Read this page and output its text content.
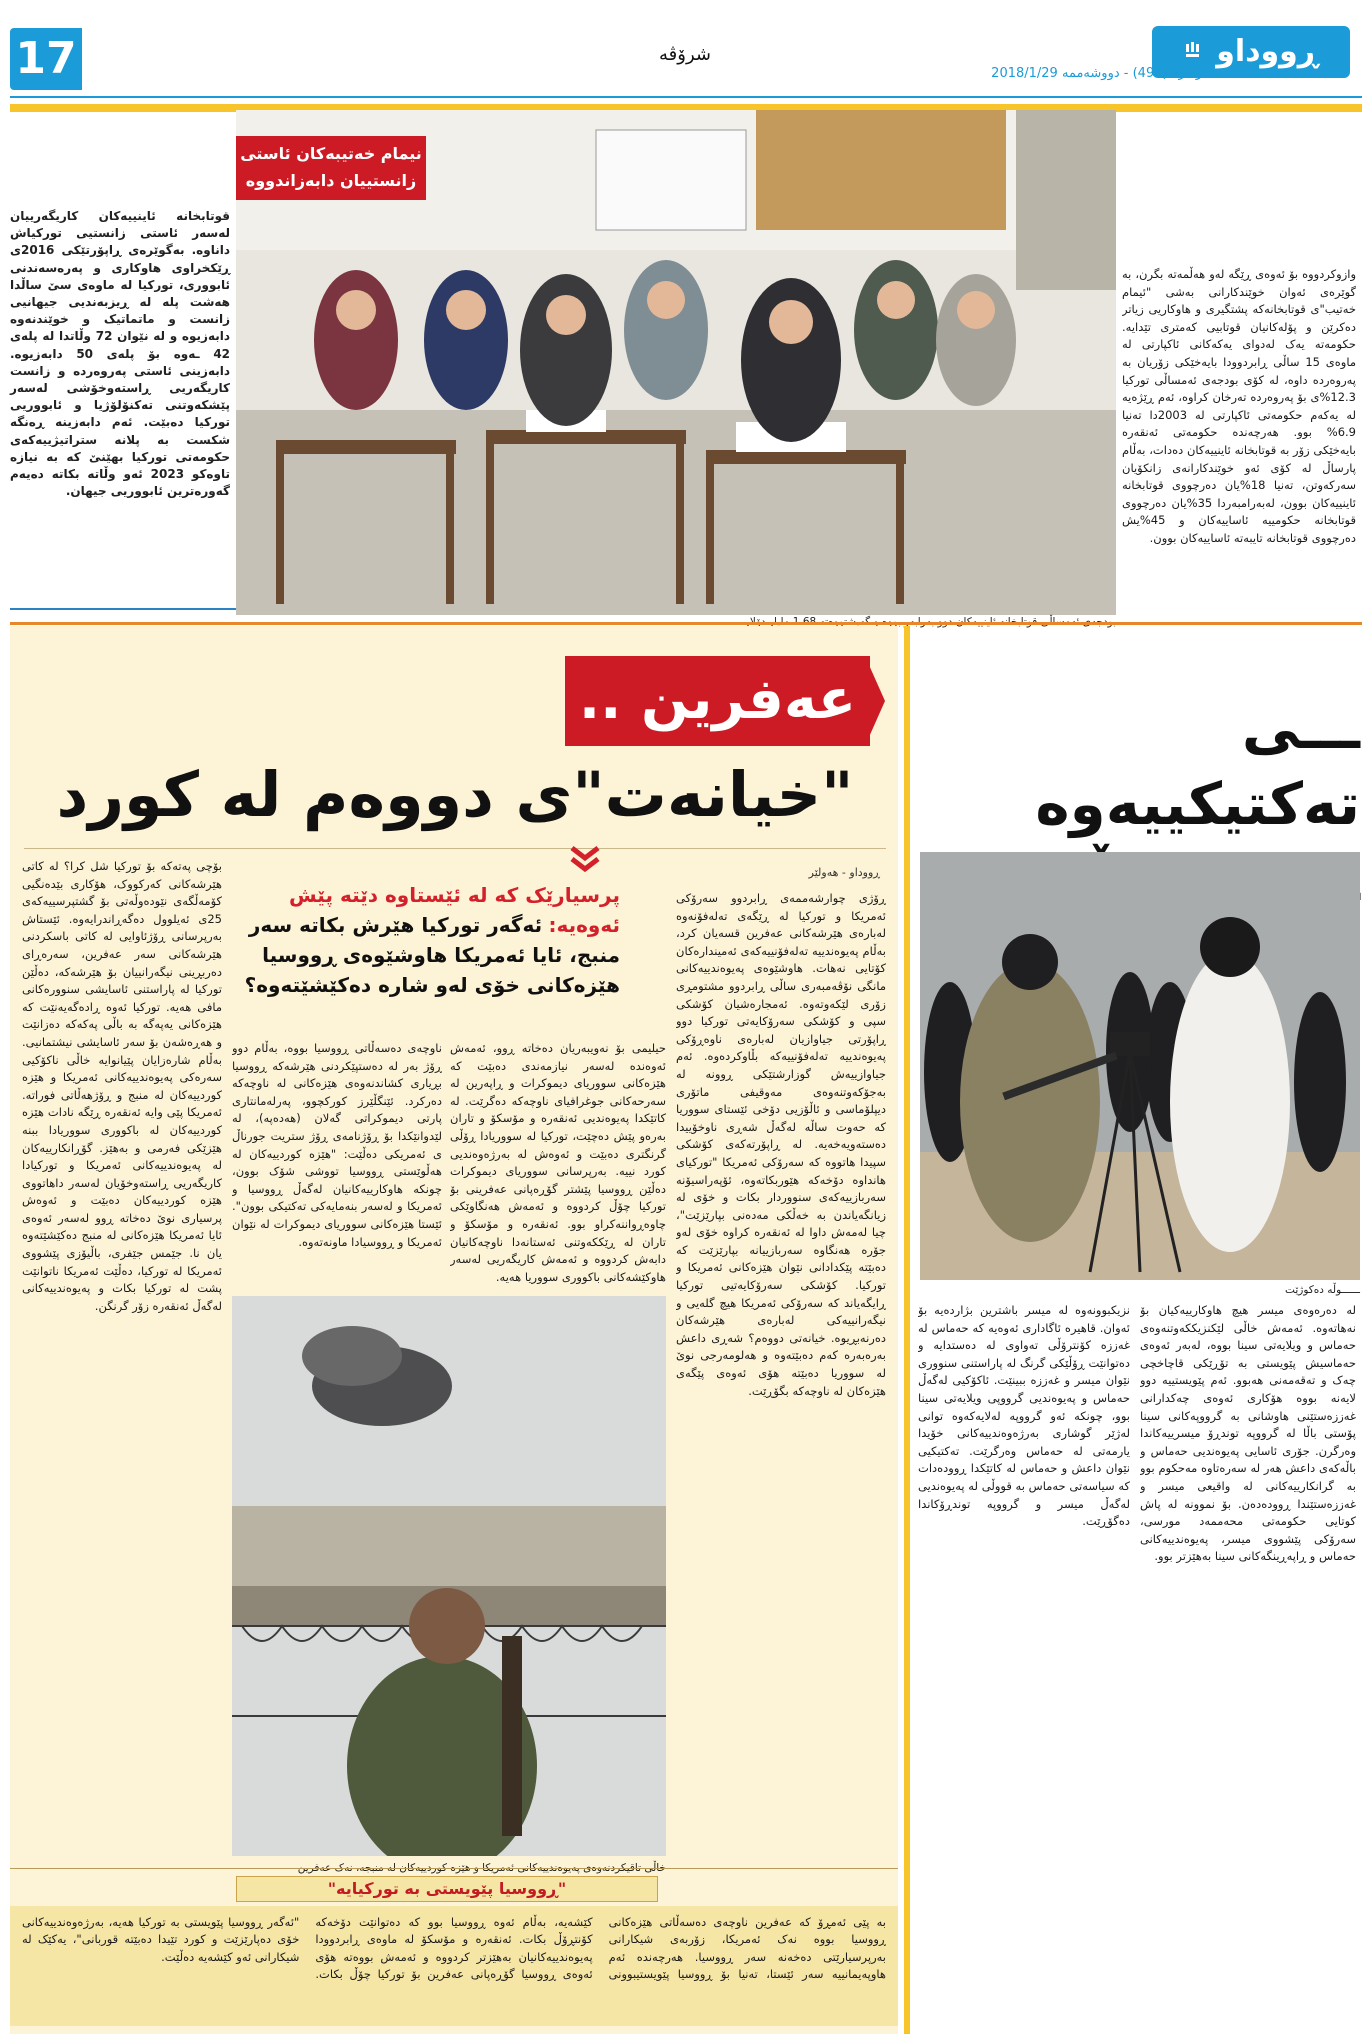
17	شرۆڤە	ڕووداو
ژمارە (491) - دووشەممە 2018/1/29
نیمام خەتیبەکان ئاستی
زانستییان دابەزاندووە
قوتابخانە ئاینییەکان کاریگەرییان لەسەر ئاستی زانستیی تورکیاش داناوە. بەگوێرەی ڕاپۆرتێکی 2016ی ڕێکخراوی هاوکاری و پەرەسەندنی ئابووری، تورکیا لە ماوەی سێ ساڵدا هەشت پلە لە ڕیزبەندیی جیهانیی زانست و ماتماتیک و خوێندنەوە دابەزیوە و لە نێوان 72 وڵاتدا لە پلەی 42 ـەوە بۆ پلەی 50 دابەزیوە. دابەزینی ئاستی پەروەردە و زانست کاریگەریی ڕاستەوخۆشی لەسەر پێشکەوتنی تەکنۆلۆژیا و ئابووریی تورکیا دەبێت. ئەم دابەزینە ڕەنگە شکست بە پلانە ستراتیژییەکەی حکومەتی تورکیا بهێنێ کە بە نیازە تاوەکو 2023 ئەو وڵاتە بکاتە دەیەم گەورەترین ئابووریی جیهان.
وازوکردووە بۆ ئەوەی ڕێگە لەو هەڵمەتە بگرن، بە گوێرەی ئەوان خوێندکارانی بەشی "ئیمام خەتیب"ی قوتابخانەکە پشتگیری و هاوکاریی زیاتر دەکرێن و پۆلەکانیان قوتابیی کەمتری تێدایە. حکومەتە یەک لەدوای یەکەکانی ئاکپارتی لە ماوەی 15 ساڵی ڕابردوودا بایەخێکی زۆریان بە پەروەردە داوە، لە کۆی بودجەی ئەمساڵی تورکیا 12.3%ی بۆ پەروەردە تەرخان کراوە، ئەم ڕێژەیە لە یەکەم حکومەتی ئاکپارتی لە 2003دا تەنیا 6.9% بوو. هەرچەندە حکومەتی ئەنقەرە بایەخێکی زۆر بە قوتابخانە ئاینییەکان دەدات، بەڵام پارساڵ لە کۆی ئەو خوێندکارانەی زانکۆیان سەرکەوتن، تەنیا 18%یان دەرچووی قوتابخانە ئاینییەکان بوون، لەبەرامبەردا 35%یان دەرچووی قوتابخانە حکومییە ئاساییەکان و 45%یش دەرچووی قوتابخانە تایبەتە ئاساییەکان بوون.
عەفرین ..
"خیانەت"ی دووەم لە کورد
ڕووداو - هەولێر
پرسیارێک کە لە ئێستاوە دێتە پێش ئەوەیە: ئەگەر تورکیا هێرش بکاتە سەر منبج، ئایا ئەمریکا هاوشێوەی ڕووسیا هێزەکانی خۆی لەو شارە دەکێشێتەوە؟
ڕۆژی چوارشەممەی ڕابردوو سەرۆکی ئەمریکا و تورکیا لە ڕێگەی تەلەفۆنەوە لەبارەی هێرشەکانی عەفرین قسەیان کرد، بەڵام پەیوەندییە تەلەفۆنییەکەی ئەمیندارەکان کۆتایی نەهات. هاوشێوەی پەیوەندییەکانی مانگی نۆڤەمبەری ساڵی ڕابردوو مشتومڕی زۆری لێکەوتەوە. ئەمجارەشیان کۆشکی سپی و کۆشکی سەرۆکایەتی تورکیا دوو ڕاپۆرتی جیاوازیان لەبارەی ناوەڕۆکی پەیوەندییە تەلەفۆنییەکە بڵاوکردەوە. ئەم جیاوازییەش گوزارشتێکی ڕوونە لە بەجۆکەوتنەوەی مەوقیفی ماتۆری دیپلۆماسی و ئاڵۆزیی دۆخی ئێستای سووریا کە حەوت ساڵە لەگەڵ شەڕی ناوخۆییدا دەستەویەخەیە. لە ڕاپۆرتەکەی کۆشکی سپیدا هاتووە کە سەرۆکی ئەمریکا "تورکیای هانداوە دۆخەکە هێوربکاتەوە، ئۆپەراسیۆنە سەربازییەکەی سنووردار بکات و خۆی لە زیانگەیاندن بە خەڵکی مەدەنی بپارێزێت"، چیا لەمەش داوا لە ئەنقەرە کراوە خۆی لەو جۆرە هەنگاوە سەربازییانە بپارێزێت کە دەبێتە پێکدادانی نێوان هێزەکانی ئەمریکا و تورکیا. کۆشکی سەرۆکایەتیی تورکیا ڕایگەیاند کە سەرۆکی ئەمریکا هیچ گلەیی و نیگەرانییەکی لەبارەی هێرشەکان دەرنەبڕیوە. خیانەتی دووەم؟ شەڕی داعش بەرەبەرە کەم دەبێتەوە و هەلومەرجی نوێ لە سووریا دەبێتە هۆی ئەوەی پێگەی هێزەکان لە ناوچەکە بگۆڕێت.
حیلیمی بۆ نەویبەریان دەخاتە ڕوو، ئەمەش ئەوەندە لەسەر نیازمەندی دەبێت کە هێزەکانی سووریای دیموکرات و ڕاپەرین لە سەرحەکانی جوغرافیای ناوچەکە دەگرێت. لە کاتێکدا پەیوەندیی ئەنقەرە و مۆسکۆ و تاران بەرەو پێش دەچێت، تورکیا لە سووریادا ڕۆڵی گرنگتری دەبێت و ئەوەش لە بەرژەوەندیی کورد نییە. بەرپرسانی سووریای دیموکرات دەڵێن ڕووسیا پێشتر گۆڕەپانی عەفرینی بۆ تورکیا چۆڵ کردووە و ئەمەش هەنگاوێکی چاوەڕواننەکراو بوو. ئەنقەرە و مۆسکۆ و تاران لە ڕێککەوتنی ئەستانەدا ناوچەکانیان دابەش کردووە و ئەمەش کاریگەریی لەسەر هاوکێشەکانی باکووری سووریا هەیە.
ناوچەی دەسەڵاتی ڕووسیا بووە، بەڵام دوو ڕۆژ بەر لە دەستپێکردنی هێرشەکە ڕووسیا بڕیاری کشاندنەوەی هێزەکانی لە ناوچەکە دەرکرد. ئێنگڵێرز کورکچوو، پەرلەمانتاری پارتی دیموکراتی گەلان (هەدەپە)، لە لێدوانێکدا بۆ ڕۆژنامەی ڕۆژ ستریت جورناڵ ی ئەمریکی دەڵێت: "هێزە کوردییەکان لە هەڵوێستی ڕووسیا تووشی شۆک بوون، چونکە هاوکارییەکانیان لەگەڵ ڕووسیا و ئەمریکا و لەسەر بنەمایەکی تەکتیکی بوون". ئێستا هێزەکانی سووریای دیموکرات لە نێوان ئەمریکا و ڕووسیادا ماونەتەوە.
بۆچی پەتەکە بۆ تورکیا شل کرا؟ لە کاتی هێرشەکانی کەرکووک، هۆکاری بێدەنگیی کۆمەڵگەی نێودەوڵەتی بۆ گشتپرسییەکەی 25ی ئەیلوول دەگەڕاندرایەوە. ئێستاش بەرپرسانی ڕۆژئاوایی لە کاتی باسکردنی هێرشەکانی سەر عەفرین، سەرەڕای دەربڕینی نیگەرانییان بۆ هێرشەکە، دەڵێن تورکیا لە پاراستنی ئاسایشی سنوورەکانی مافی هەیە. تورکیا ئەوە ڕادەگەیەنێت کە هێزەکانی یەپەگە بە باڵی پەکەکە دەزانێت و هەڕەشەن بۆ سەر ئاسایشی نیشتمانیی. بەڵام شارەزایان پێیانوایە خاڵی ناکۆکیی سەرەکی پەیوەندییەکانی ئەمریکا و هێزە کوردییەکان لە منبج و ڕۆژهەڵاتی فوراتە. ئەمریکا پێی وایە ئەنقەرە ڕێگە نادات هێزە کوردییەکان لە باکووری سووریادا ببنە هێزێکی فەرمی و بەهێز. گۆڕانکارییەکان لە پەیوەندییەکانی ئەمریکا و تورکیادا کاریگەریی ڕاستەوخۆیان لەسەر داهاتووی هێزە کوردییەکان دەبێت و ئەوەش پرسیاری نوێ دەخاتە ڕوو لەسەر ئەوەی ئایا ئەمریکا هێزەکانی لە منبج دەکێشێتەوە یان نا. جێمس جێفری، باڵیۆزی پێشووی ئەمریکا لە تورکیا، دەڵێت ئەمریکا ناتوانێت پشت لە تورکیا بکات و پەیوەندییەکانی لەگەڵ ئەنقەرە زۆر گرنگن.
خاڵی تاقیکردنەوەی پەیوەندییەکانی ئەمریکا و هێزە کوردییەکان لە منبجە، نەک عەفرین
"ڕووسیا پێویستی بە تورکیایە"
بە پێی ئەمڕۆ کە عەفرین ناوچەی دەسەڵاتی هێزەکانی ڕووسیا بووە نەک ئەمریکا، زۆربەی شیکارانی بەرپرسیارێتی دەخەنە سەر ڕووسیا. هەرچەندە ئەم هاوپەیمانییە سەر ئێستا، تەنیا بۆ ڕووسیا پێویستیبوونی کێشەیە، بەڵام ئەوە ڕووسیا بوو کە دەتوانێت دۆخەکە کۆنتڕۆڵ بکات. ئەنقەرە و مۆسکۆ لە ماوەی ڕابردوودا پەیوەندییەکانیان بەهێزتر کردووە و ئەمەش بووەتە هۆی ئەوەی ڕووسیا گۆڕەپانی عەفرین بۆ تورکیا چۆڵ بکات. "ئەگەر ڕووسیا پێویستی بە تورکیا هەیە، بەرژەوەندییەکانی خۆی دەپارێزێت و کورد تێیدا دەبێتە قوربانی"، یەکێک لە شیکارانی ئەو کێشەیە دەڵێت.
ـــی تەکتیکییەوە
ــــــوڵە دەکوژێت
لە دەرەوەی میسر هیچ هاوکارییەکیان بۆ نەهاتەوە. ئەمەش خاڵی لێکنزیککەوتنەوەی حەماس و ویلایەتی سینا بووە، لەبەر ئەوەی حەماسیش پێویستی بە تۆڕێکی قاچاخچی چەک و تەقەمەنی هەبوو. ئەم پێویستییە دوو لایەنە بووە هۆکاری ئەوەی چەکدارانی غەززەستێنی هاوشانی بە گرووپەکانی سینا پۆستی باڵا لە گرووپە توندڕۆ میسرییەکاندا وەرگرن. جۆری ئاسایی پەیوەندیی حەماس و باڵەکەی داعش هەر لە سەرەتاوە مەحکوم بوو بە گرانکارییەکانی لە واقیعی میسر و غەززەستێندا ڕوودەدەن. بۆ نموونە لە پاش کوتایی حکومەتی محەممەد مورسی، سەرۆکی پێشووی میسر، پەیوەندییەکانی حەماس و ڕاپەڕینگەکانی سینا بەهێزتر بوو.
نزیکبوونەوە لە میسر باشترین بژاردەیە بۆ ئەوان. قاهیرە ئاگاداری ئەوەیە کە حەماس لە غەززە کۆنترۆڵی تەواوی لە دەستدایە و دەتوانێت ڕۆڵێکی گرنگ لە پاراستنی سنووری نێوان میسر و غەززە ببینێت. ئاکۆکیی لەگەڵ حەماس و پەیوەندیی گرووپی ویلایەتی سینا بوو، چونکە ئەو گرووپە لەلایەکەوە توانی لەژێر گوشاری بەرژەوەندییەکانی خۆیدا یارمەتی لە حەماس وەرگرێت. تەکتیکیی نێوان داعش و حەماس لە کاتێکدا ڕوودەدات کە سیاسەتی حەماس بە قووڵی لە پەیوەندیی لەگەڵ میسر و گرووپە توندڕۆکاندا دەگۆڕێت.
